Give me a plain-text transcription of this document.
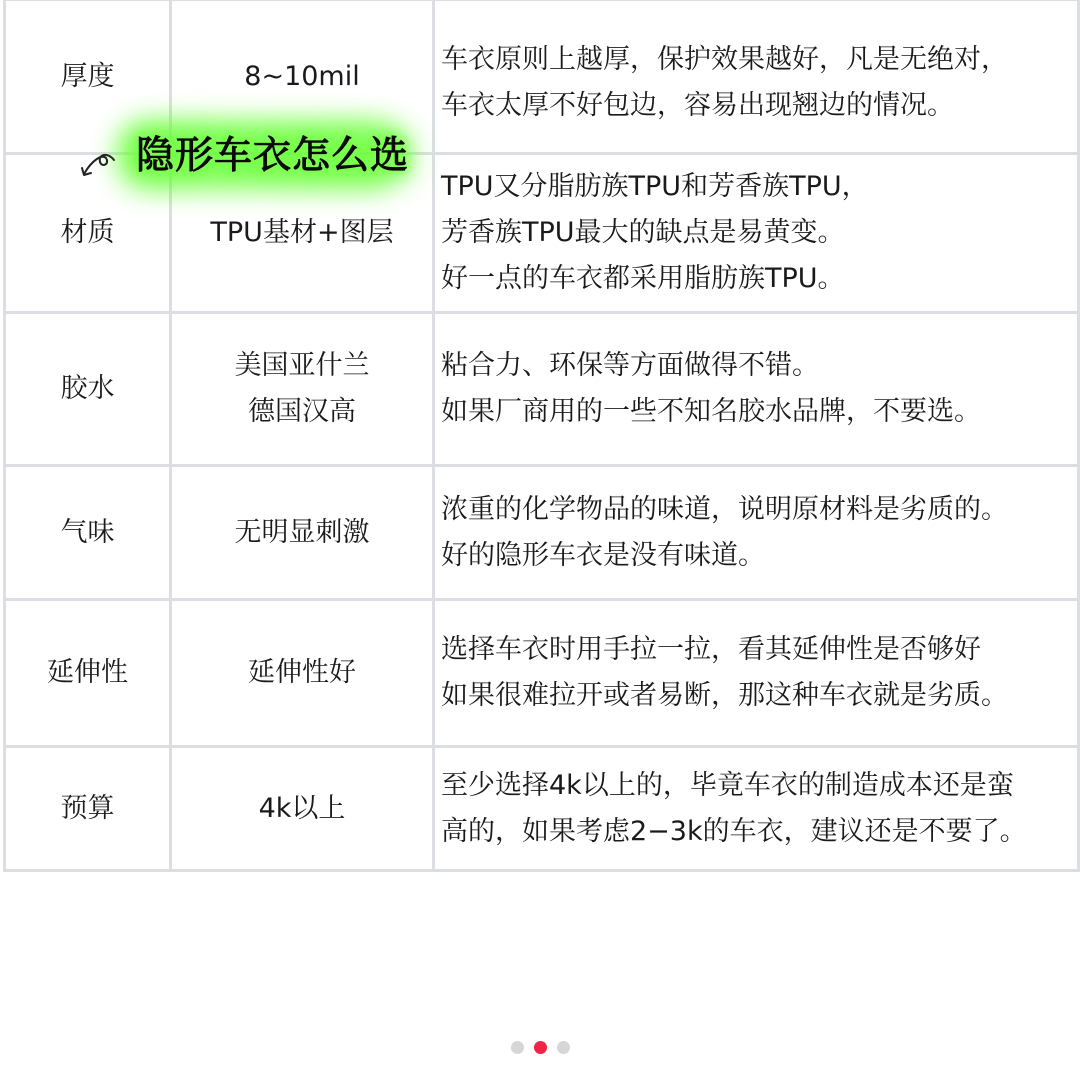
厚度	8~10mil	车衣原则上越厚，保护效果越好，凡是无绝对，
车衣太厚不好包边，容易出现翘边的情况。

材质	TPU基材+图层	TPU又分脂肪族TPU和芳香族TPU，
芳香族TPU最大的缺点是易黄变。
好一点的车衣都采用脂肪族TPU。

胶水	美国亚什兰
德国汉高	粘合力、环保等方面做得不错。
如果厂商用的一些不知名胶水品牌，不要选。

气味	无明显刺激	浓重的化学物品的味道，说明原材料是劣质的。
好的隐形车衣是没有味道。

延伸性	延伸性好	选择车衣时用手拉一拉，看其延伸性是否够好
如果很难拉开或者易断，那这种车衣就是劣质。

预算	4k以上	至少选择4k以上的，毕竟车衣的制造成本还是蛮
高的，如果考虑2−3k的车衣，建议还是不要了。
隐形车衣怎么选
